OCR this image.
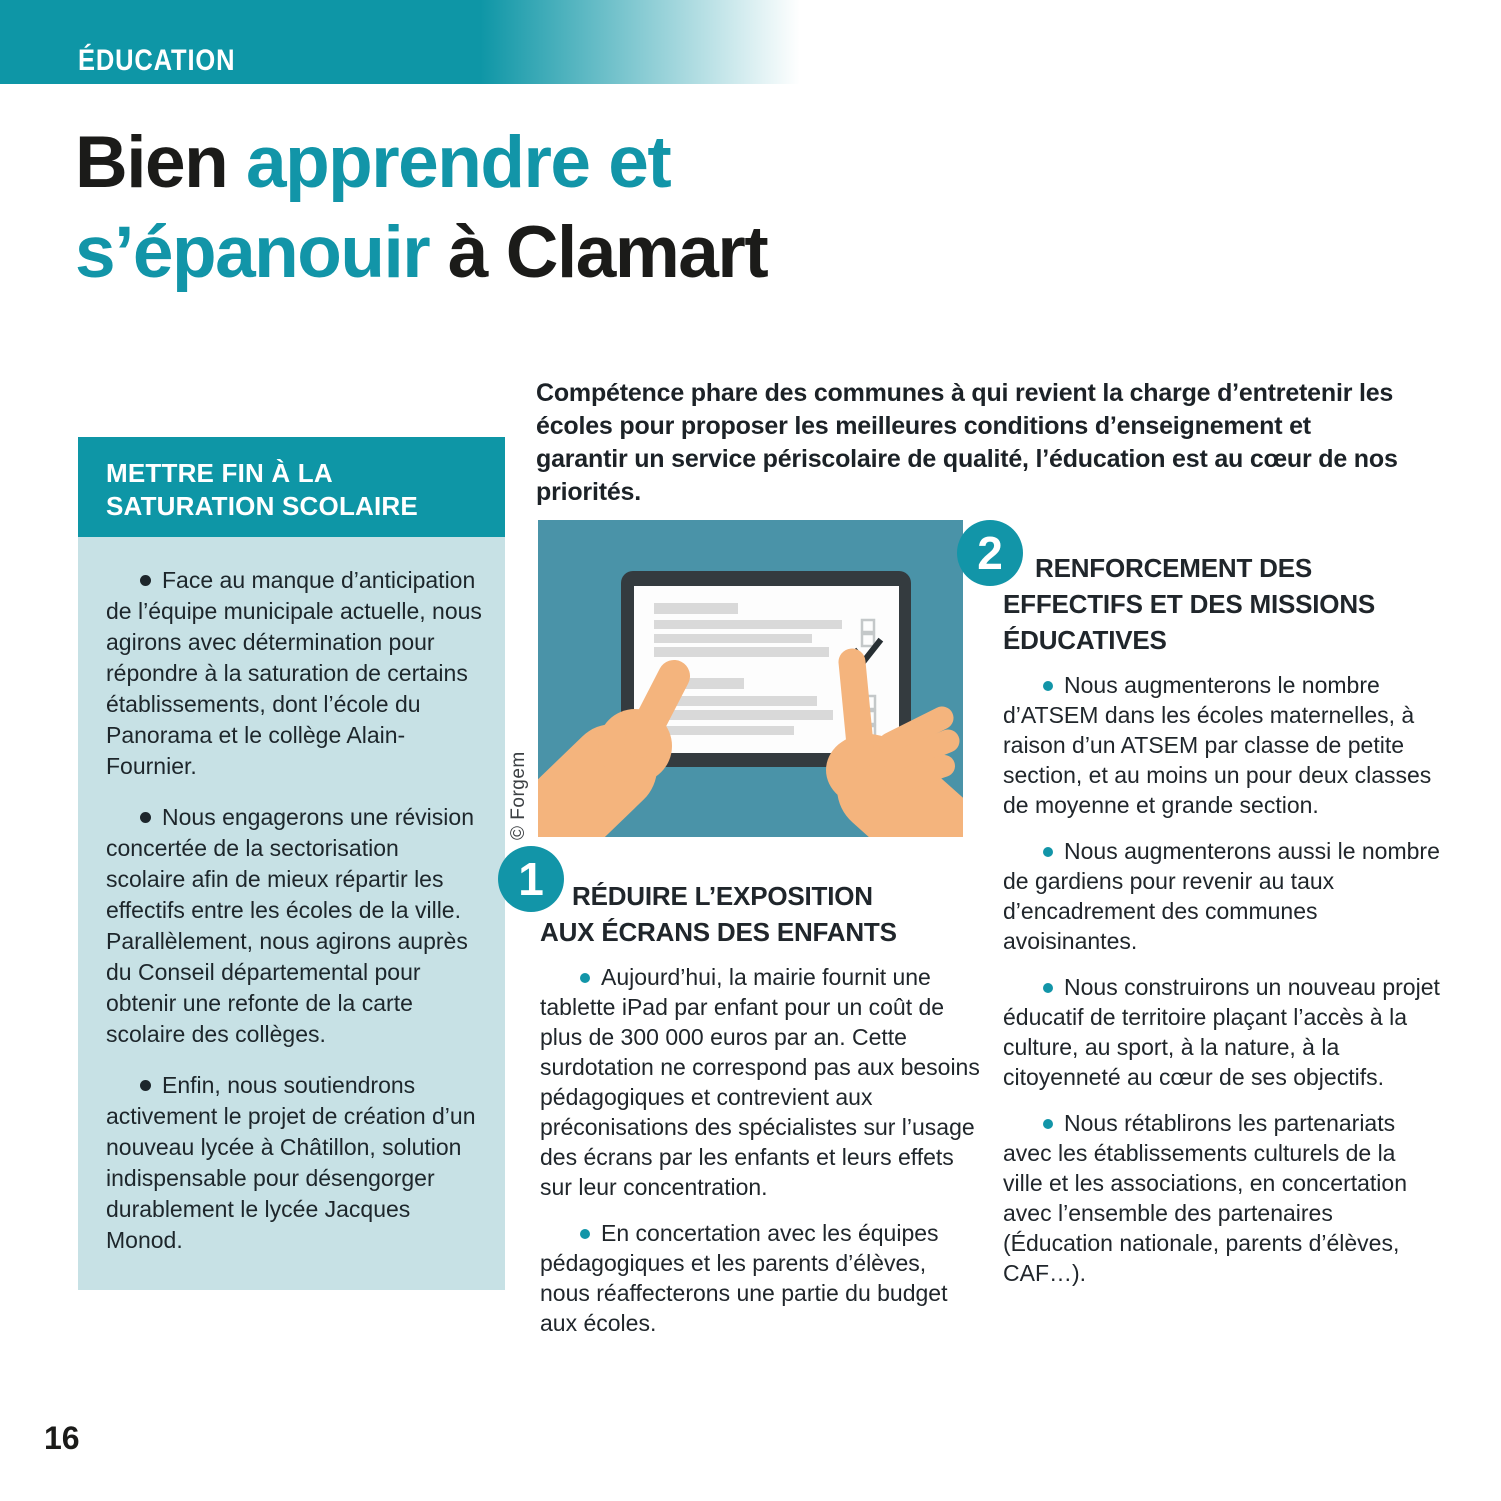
ÉDUCATION
Bien apprendre et
s’épanouir à Clamart

Compétence phare des communes à qui revient la charge d’entretenir les écoles pour proposer les meilleures conditions d’enseignement et garantir un service périscolaire de qualité, l’éducation est au cœur de nos priorités.

METTRE FIN À LA SATURATION SCOLAIRE

Face au manque d’anticipation de l’équipe municipale actuelle, nous agirons avec détermination pour répondre à la saturation de certains établissements, dont l’école du Panorama et le collège Alain-Fournier.

Nous engagerons une révision concertée de la sectorisation scolaire afin de mieux répartir les effectifs entre les écoles de la ville. Parallèlement, nous agirons auprès du Conseil départemental pour obtenir une refonte de la carte scolaire des collèges.

Enfin, nous soutiendrons activement le projet de création d’un nouveau lycée à Châtillon, solution indispensable pour désengorger durablement le lycée Jacques Monod.

© Forgem
1	RÉDUIRE L’EXPOSITION
AUX ÉCRANS DES ENFANTS

Aujourd’hui, la mairie fournit une tablette iPad par enfant pour un coût de plus de 300 000 euros par an. Cette surdotation ne correspond pas aux besoins pédagogiques et contrevient aux préconisations des spécialistes sur l’usage des écrans par les enfants et leurs effets sur leur concentration.

En concertation avec les équipes pédagogiques et les parents d’élèves, nous réaffecterons une partie du budget aux écoles.

2	RENFORCEMENT DES
EFFECTIFS ET DES MISSIONS
ÉDUCATIVES

Nous augmenterons le nombre d’ATSEM dans les écoles maternelles, à raison d’un ATSEM par classe de petite section, et au moins un pour deux classes de moyenne et grande section.

Nous augmenterons aussi le nombre de gardiens pour revenir au taux d’encadrement des communes avoisinantes.

Nous construirons un nouveau projet éducatif de territoire plaçant l’accès à la culture, au sport, à la nature, à la citoyenneté au cœur de ses objectifs.

Nous rétablirons les partenariats avec les établissements culturels de la ville et les associations, en concertation avec l’ensemble des partenaires (Éducation nationale, parents d’élèves, CAF…).

16
